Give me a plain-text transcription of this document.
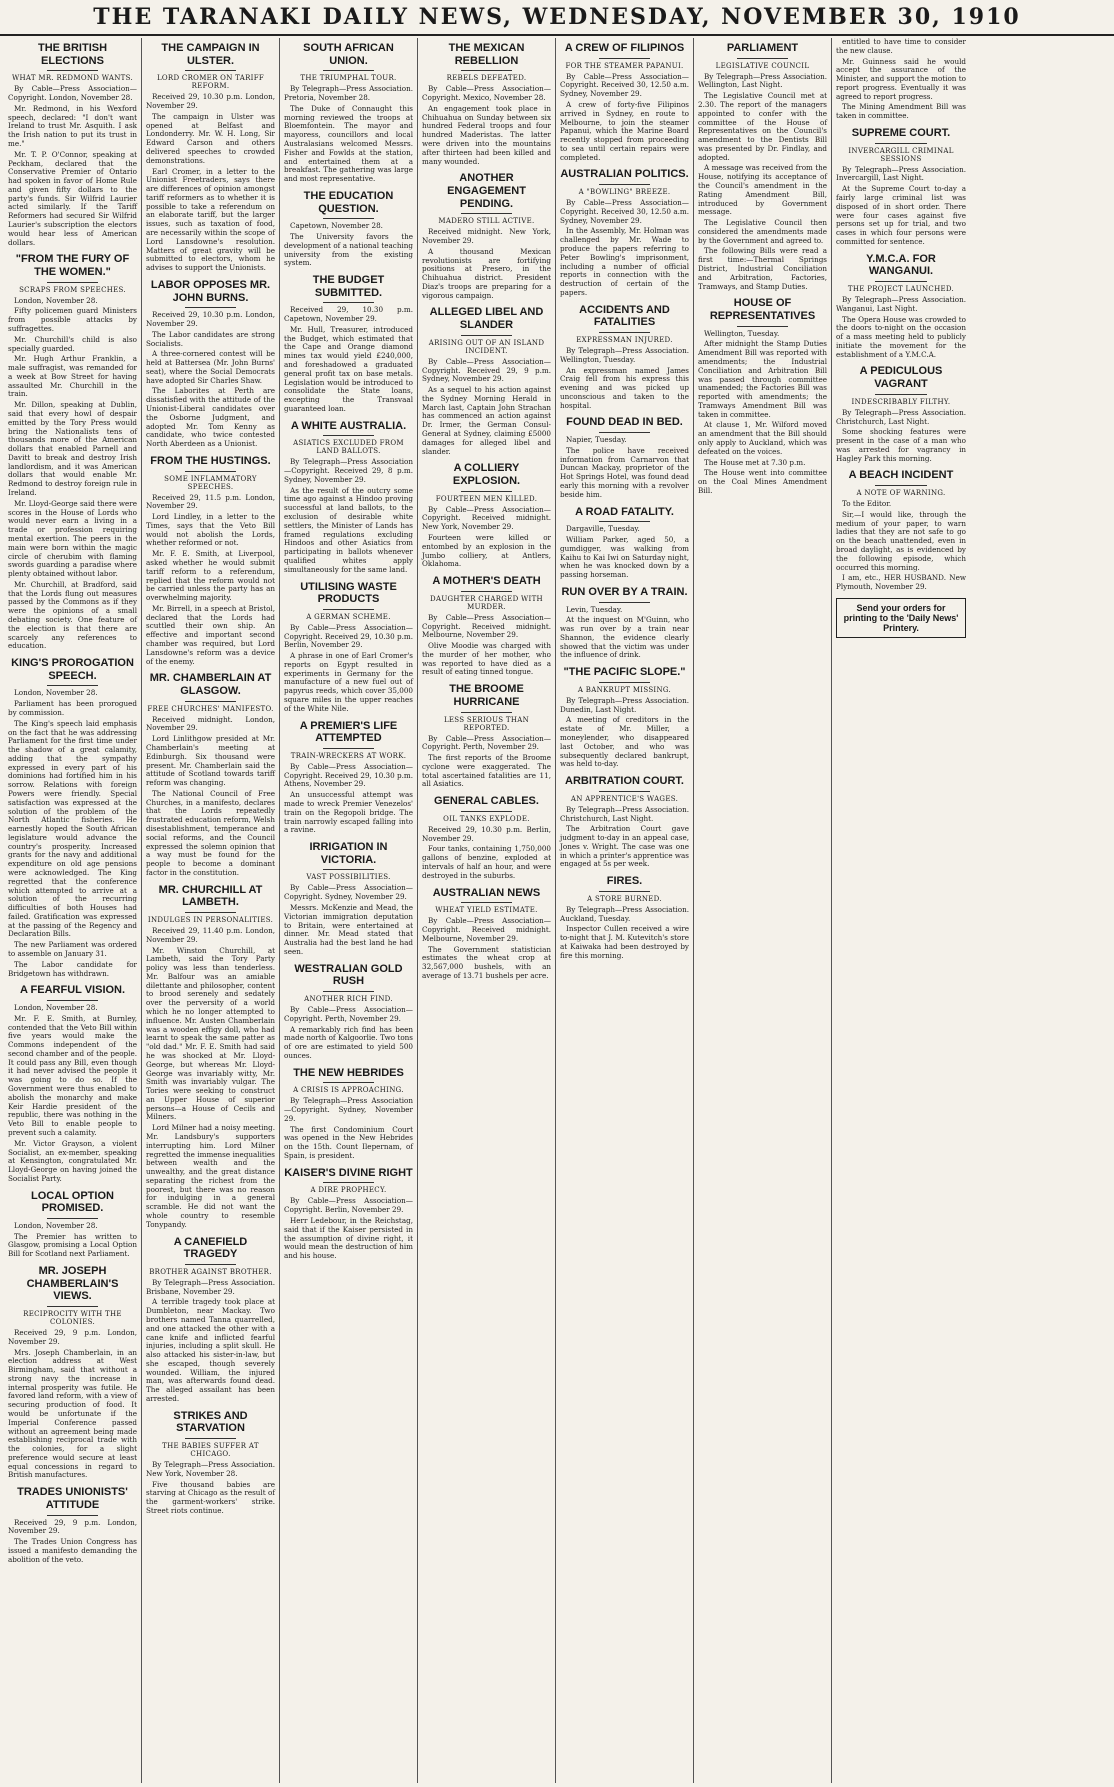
THE TARANAKI DAILY NEWS, WEDNESDAY, NOVEMBER 30, 1910
THE BRITISH ELECTIONS
WHAT MR. REDMOND WANTS.

By Cable—Press Association—Copyright. London, November 28.

Mr. Redmond, in his Wexford speech, declared: "I don't want Ireland to trust Mr. Asquith. I ask the Irish nation to put its trust in me."

Mr. T. P. O'Connor, speaking at Peckham, declared that the Conservative Premier of Ontario had spoken in favor of Home Rule and given fifty dollars to the party's funds. Sir Wilfrid Laurier acted similarly. If the Tariff Reformers had secured Sir Wilfrid Laurier's subscription the electors would hear less of American dollars.

"FROM THE FURY OF THE WOMEN."
SCRAPS FROM SPEECHES.

London, November 28.

Fifty policemen guard Ministers from possible attacks by suffragettes.

Mr. Churchill's child is also specially guarded.

Mr. Hugh Arthur Franklin, a male suffragist, was remanded for a week at Bow Street for having assaulted Mr. Churchill in the train.

Mr. Dillon, speaking at Dublin, said that every howl of despair emitted by the Tory Press would bring the Nationalists tens of thousands more of the American dollars that enabled Parnell and Davitt to break and destroy Irish landlordism, and it was American dollars that would enable Mr. Redmond to destroy foreign rule in Ireland.

Mr. Lloyd-George said there were scores in the House of Lords who would never earn a living in a trade or profession requiring mental exertion. The peers in the main were born within the magic circle of cherubim with flaming swords guarding a paradise where plenty obtained without labor.

Mr. Churchill, at Bradford, said that the Lords flung out measures passed by the Commons as if they were the opinions of a small debating society. One feature of the election is that there are scarcely any references to education.

KING'S PROROGATION SPEECH.

London, November 28.

Parliament has been prorogued by commission.

The King's speech laid emphasis on the fact that he was addressing Parliament for the first time under the shadow of a great calamity, adding that the sympathy expressed in every part of his dominions had fortified him in his sorrow. Relations with foreign Powers were friendly. Special satisfaction was expressed at the solution of the problem of the North Atlantic fisheries. He earnestly hoped the South African legislature would advance the country's prosperity. Increased grants for the navy and additional expenditure on old age pensions were acknowledged. The King regretted that the conference which attempted to arrive at a solution of the recurring difficulties of both Houses had failed. Gratification was expressed at the passing of the Regency and Declaration Bills.

The new Parliament was ordered to assemble on January 31.

The Labor candidate for Bridgetown has withdrawn.

A FEARFUL VISION.

London, November 28.

Mr. F. E. Smith, at Burnley, contended that the Veto Bill within five years would make the Commons independent of the second chamber and of the people. It could pass any Bill, even though it had never advised the people it was going to do so. If the Government were thus enabled to abolish the monarchy and make Keir Hardie president of the republic, there was nothing in the Veto Bill to enable people to prevent such a calamity.

Mr. Victor Grayson, a violent Socialist, an ex-member, speaking at Kensington, congratulated Mr. Lloyd-George on having joined the Socialist Party.

LOCAL OPTION PROMISED.

London, November 28.

The Premier has written to Glasgow, promising a Local Option Bill for Scotland next Parliament.

MR. JOSEPH CHAMBERLAIN'S VIEWS.
RECIPROCITY WITH THE COLONIES.

Received 29, 9 p.m. London, November 29.

Mrs. Joseph Chamberlain, in an election address at West Birmingham, said that without a strong navy the increase in internal prosperity was futile. He favored land reform, with a view of securing production of food. It would be unfortunate if the Imperial Conference passed without an agreement being made establishing reciprocal trade with the colonies, for a slight preference would secure at least equal concessions in regard to British manufactures.

TRADES UNIONISTS' ATTITUDE

Received 29, 9 p.m. London, November 29.

The Trades Union Congress has issued a manifesto demanding the abolition of the veto.

THE CAMPAIGN IN ULSTER.
LORD CROMER ON TARIFF REFORM.

Received 29, 10.30 p.m. London, November 29.

The campaign in Ulster was opened at Belfast and Londonderry. Mr. W. H. Long, Sir Edward Carson and others delivered speeches to crowded demonstrations.

Earl Cromer, in a letter to the Unionist Freetraders, says there are differences of opinion amongst tariff reformers as to whether it is possible to take a referendum on an elaborate tariff, but the larger issues, such as taxation of food, are necessarily within the scope of Lord Lansdowne's resolution. Matters of great gravity will be submitted to electors, whom he advises to support the Unionists.

LABOR OPPOSES MR. JOHN BURNS.

Received 29, 10.30 p.m. London, November 29.

The Labor candidates are strong Socialists.

A three-cornered contest will be held at Battersea (Mr. John Burns' seat), where the Social Democrats have adopted Sir Charles Shaw.

The Laborites at Perth are dissatisfied with the attitude of the Unionist-Liberal candidates over the Osborne Judgment, and adopted Mr. Tom Kenny as candidate, who twice contested North Aberdeen as a Unionist.

FROM THE HUSTINGS.
SOME INFLAMMATORY SPEECHES.

Received 29, 11.5 p.m. London, November 29.

Lord Lindley, in a letter to the Times, says that the Veto Bill would not abolish the Lords, whether reformed or not.

Mr. F. E. Smith, at Liverpool, asked whether he would submit tariff reform to a referendum, replied that the reform would not be carried unless the party has an overwhelming majority.

Mr. Birrell, in a speech at Bristol, declared that the Lords had scuttled their own ship. An effective and important second chamber was required, but Lord Lansdowne's reform was a device of the enemy.

MR. CHAMBERLAIN AT GLASGOW.
FREE CHURCHES' MANIFESTO.

Received midnight. London, November 29.

Lord Linlithgow presided at Mr. Chamberlain's meeting at Edinburgh. Six thousand were present. Mr. Chamberlain said the attitude of Scotland towards tariff reform was changing.

The National Council of Free Churches, in a manifesto, declares that the Lords repeatedly frustrated education reform, Welsh disestablishment, temperance and social reforms, and the Council expressed the solemn opinion that a way must be found for the people to become a dominant factor in the constitution.

MR. CHURCHILL AT LAMBETH.
INDULGES IN PERSONALITIES.

Received 29, 11.40 p.m. London, November 29.

Mr. Winston Churchill, at Lambeth, said the Tory Party policy was less than tenderless. Mr. Balfour was an amiable dilettante and philosopher, content to brood serenely and sedately over the perversity of a world which he no longer attempted to influence. Mr. Austen Chamberlain was a wooden effigy doll, who had learnt to speak the same patter as "old dad." Mr. F. E. Smith had said he was shocked at Mr. Lloyd-George, but whereas Mr. Lloyd-George was invariably witty, Mr. Smith was invariably vulgar. The Tories were seeking to construct an Upper House of superior persons—a House of Cecils and Milners.

Lord Milner had a noisy meeting. Mr. Landsbury's supporters interrupting him. Lord Milner regretted the immense inequalities between wealth and the unwealthy, and the great distance separating the richest from the poorest, but there was no reason for indulging in a general scramble. He did not want the whole country to resemble Tonypandy.

A CANEFIELD TRAGEDY
BROTHER AGAINST BROTHER.

By Telegraph—Press Association. Brisbane, November 29.

A terrible tragedy took place at Dumbleton, near Mackay. Two brothers named Tanna quarrelled, and one attacked the other with a cane knife and inflicted fearful injuries, including a split skull. He also attacked his sister-in-law, but she escaped, though severely wounded. William, the injured man, was afterwards found dead. The alleged assailant has been arrested.

STRIKES AND STARVATION
THE BABIES SUFFER AT CHICAGO.

By Telegraph—Press Association. New York, November 28.

Five thousand babies are starving at Chicago as the result of the garment-workers' strike. Street riots continue.

SOUTH AFRICAN UNION.
THE TRIUMPHAL TOUR.

By Telegraph—Press Association. Pretoria, November 28.

The Duke of Connaught this morning reviewed the troops at Bloemfontein. The mayor and mayoress, councillors and local Australasians welcomed Messrs. Fisher and Fowlds at the station, and entertained them at a breakfast. The gathering was large and most representative.

THE EDUCATION QUESTION.

Capetown, November 28.

The University favors the development of a national teaching university from the existing system.

THE BUDGET SUBMITTED.

Received 29, 10.30 p.m. Capetown, November 29.

Mr. Hull, Treasurer, introduced the Budget, which estimated that the Cape and Orange diamond mines tax would yield £240,000, and foreshadowed a graduated general profit tax on base metals. Legislation would be introduced to consolidate the State loans, excepting the Transvaal guaranteed loan.

A WHITE AUSTRALIA.
ASIATICS EXCLUDED FROM LAND BALLOTS.

By Telegraph—Press Association—Copyright. Received 29, 8 p.m. Sydney, November 29.

As the result of the outcry some time ago against a Hindoo proving successful at land ballots, to the exclusion of desirable white settlers, the Minister of Lands has framed regulations excluding Hindoos and other Asiatics from participating in ballots whenever qualified whites apply simultaneously for the same land.

UTILISING WASTE PRODUCTS
A GERMAN SCHEME.

By Cable—Press Association—Copyright. Received 29, 10.30 p.m. Berlin, November 29.

A phrase in one of Earl Cromer's reports on Egypt resulted in experiments in Germany for the manufacture of a new fuel out of papyrus reeds, which cover 35,000 square miles in the upper reaches of the White Nile.

A PREMIER'S LIFE ATTEMPTED
TRAIN-WRECKERS AT WORK.

By Cable—Press Association—Copyright. Received 29, 10.30 p.m. Athens, November 29.

An unsuccessful attempt was made to wreck Premier Venezelos' train on the Regopoli bridge. The train narrowly escaped falling into a ravine.

IRRIGATION IN VICTORIA.
VAST POSSIBILITIES.

By Cable—Press Association—Copyright. Sydney, November 29.

Messrs. McKenzie and Mead, the Victorian immigration deputation to Britain, were entertained at dinner. Mr. Mead stated that Australia had the best land he had seen.

WESTRALIAN GOLD RUSH
ANOTHER RICH FIND.

By Cable—Press Association—Copyright. Perth, November 29.

A remarkably rich find has been made north of Kalgoorlie. Two tons of ore are estimated to yield 500 ounces.

THE NEW HEBRIDES
A CRISIS IS APPROACHING.

By Telegraph—Press Association—Copyright. Sydney, November 29.

The first Condominium Court was opened in the New Hebrides on the 15th. Count Ilepernam, of Spain, is president.

KAISER'S DIVINE RIGHT
A DIRE PROPHECY.

By Cable—Press Association—Copyright. Berlin, November 29.

Herr Ledebour, in the Reichstag, said that if the Kaiser persisted in the assumption of divine right, it would mean the destruction of him and his house.

THE MEXICAN REBELLION
REBELS DEFEATED.

By Cable—Press Association—Copyright. Mexico, November 28.

An engagement took place in Chihuahua on Sunday between six hundred Federal troops and four hundred Maderistas. The latter were driven into the mountains after thirteen had been killed and many wounded.

ANOTHER ENGAGEMENT PENDING.
MADERO STILL ACTIVE.

Received midnight. New York, November 29.

A thousand Mexican revolutionists are fortifying positions at Presero, in the Chihuahua district. President Diaz's troops are preparing for a vigorous campaign.

ALLEGED LIBEL AND SLANDER
ARISING OUT OF AN ISLAND INCIDENT.

By Cable—Press Association—Copyright. Received 29, 9 p.m. Sydney, November 29.

As a sequel to his action against the Sydney Morning Herald in March last, Captain John Strachan has commenced an action against Dr. Irmer, the German Consul-General at Sydney, claiming £5000 damages for alleged libel and slander.

A COLLIERY EXPLOSION.
FOURTEEN MEN KILLED.

By Cable—Press Association—Copyright. Received midnight. New York, November 29.

Fourteen were killed or entombed by an explosion in the Jumbo colliery, at Antlers, Oklahoma.

A MOTHER'S DEATH
DAUGHTER CHARGED WITH MURDER.

By Cable—Press Association—Copyright. Received midnight. Melbourne, November 29.

Olive Moodie was charged with the murder of her mother, who was reported to have died as a result of eating tinned tongue.

THE BROOME HURRICANE
LESS SERIOUS THAN REPORTED.

By Cable—Press Association—Copyright. Perth, November 29.

The first reports of the Broome cyclone were exaggerated. The total ascertained fatalities are 11, all Asiatics.

GENERAL CABLES.
OIL TANKS EXPLODE.

Received 29, 10.30 p.m. Berlin, November 29.

Four tanks, containing 1,750,000 gallons of benzine, exploded at intervals of half an hour, and were destroyed in the suburbs.

AUSTRALIAN NEWS
WHEAT YIELD ESTIMATE.

By Cable—Press Association—Copyright. Received midnight. Melbourne, November 29.

The Government statistician estimates the wheat crop at 32,567,000 bushels, with an average of 13.71 bushels per acre.

A CREW OF FILIPINOS
FOR THE STEAMER PAPANUI.

By Cable—Press Association—Copyright. Received 30, 12.50 a.m. Sydney, November 29.

A crew of forty-five Filipinos arrived in Sydney, en route to Melbourne, to join the steamer Papanui, which the Marine Board recently stopped from proceeding to sea until certain repairs were completed.

AUSTRALIAN POLITICS.
A "BOWLING" BREEZE.

By Cable—Press Association—Copyright. Received 30, 12.50 a.m. Sydney, November 29.

In the Assembly, Mr. Holman was challenged by Mr. Wade to produce the papers referring to Peter Bowling's imprisonment, including a number of official reports in connection with the destruction of certain of the papers.

ACCIDENTS AND FATALITIES
EXPRESSMAN INJURED.

By Telegraph—Press Association. Wellington, Tuesday.

An expressman named James Craig fell from his express this evening and was picked up unconscious and taken to the hospital.

FOUND DEAD IN BED.

Napier, Tuesday.

The police have received information from Carnarvon that Duncan Mackay, proprietor of the Hot Springs Hotel, was found dead early this morning with a revolver beside him.

A ROAD FATALITY.

Dargaville, Tuesday.

William Parker, aged 50, a gumdigger, was walking from Kaihu to Kai Iwi on Saturday night, when he was knocked down by a passing horseman.

RUN OVER BY A TRAIN.

Levin, Tuesday.

At the inquest on M'Guinn, who was run over by a train near Shannon, the evidence clearly showed that the victim was under the influence of drink.

"THE PACIFIC SLOPE."
A BANKRUPT MISSING.

By Telegraph—Press Association. Dunedin, Last Night.

A meeting of creditors in the estate of Mr. Miller, a moneylender, who disappeared last October, and who was subsequently declared bankrupt, was held to-day.

ARBITRATION COURT.
AN APPRENTICE'S WAGES.

By Telegraph—Press Association. Christchurch, Last Night.

The Arbitration Court gave judgment to-day in an appeal case, Jones v. Wright. The case was one in which a printer's apprentice was engaged at 5s per week.

FIRES.
A STORE BURNED.

By Telegraph—Press Association. Auckland, Tuesday.

Inspector Cullen received a wire to-night that J. M. Kutevitch's store at Kaiwaka had been destroyed by fire this morning.

PARLIAMENT
LEGISLATIVE COUNCIL

By Telegraph—Press Association. Wellington, Last Night.

The Legislative Council met at 2.30. The report of the managers appointed to confer with the committee of the House of Representatives on the Council's amendment to the Dentists Bill was presented by Dr. Findlay, and adopted.

A message was received from the House, notifying its acceptance of the Council's amendment in the Rating Amendment Bill, introduced by Government message.

The Legislative Council then considered the amendments made by the Government and agreed to.

The following Bills were read a first time:—Thermal Springs District, Industrial Conciliation and Arbitration, Factories, Tramways, and Stamp Duties.

HOUSE OF REPRESENTATIVES

Wellington, Tuesday.

After midnight the Stamp Duties Amendment Bill was reported with amendments; the Industrial Conciliation and Arbitration Bill was passed through committee unamended; the Factories Bill was reported with amendments; the Tramways Amendment Bill was taken in committee.

At clause 1, Mr. Wilford moved an amendment that the Bill should only apply to Auckland, which was defeated on the voices.

The House met at 7.30 p.m.

The House went into committee on the Coal Mines Amendment Bill.

entitled to have time to consider the new clause.

Mr. Guinness said he would accept the assurance of the Minister, and support the motion to report progress. Eventually it was agreed to report progress.

The Mining Amendment Bill was taken in committee.

SUPREME COURT.
INVERCARGILL CRIMINAL SESSIONS

By Telegraph—Press Association. Invercargill, Last Night.

At the Supreme Court to-day a fairly large criminal list was disposed of in short order. There were four cases against five persons set up for trial, and two cases in which four persons were committed for sentence.

Y.M.C.A. FOR WANGANUI.
THE PROJECT LAUNCHED.

By Telegraph—Press Association. Wanganui, Last Night.

The Opera House was crowded to the doors to-night on the occasion of a mass meeting held to publicly initiate the movement for the establishment of a Y.M.C.A.

A PEDICULOUS VAGRANT
INDESCRIBABLY FILTHY.

By Telegraph—Press Association. Christchurch, Last Night.

Some shocking features were present in the case of a man who was arrested for vagrancy in Hagley Park this morning.

A BEACH INCIDENT
A NOTE OF WARNING.

To the Editor.

Sir,—I would like, through the medium of your paper, to warn ladies that they are not safe to go on the beach unattended, even in broad daylight, as is evidenced by the following episode, which occurred this morning.

I am, etc., HER HUSBAND. New Plymouth, November 29.

Send your orders for printing to the 'Daily News' Printery.
